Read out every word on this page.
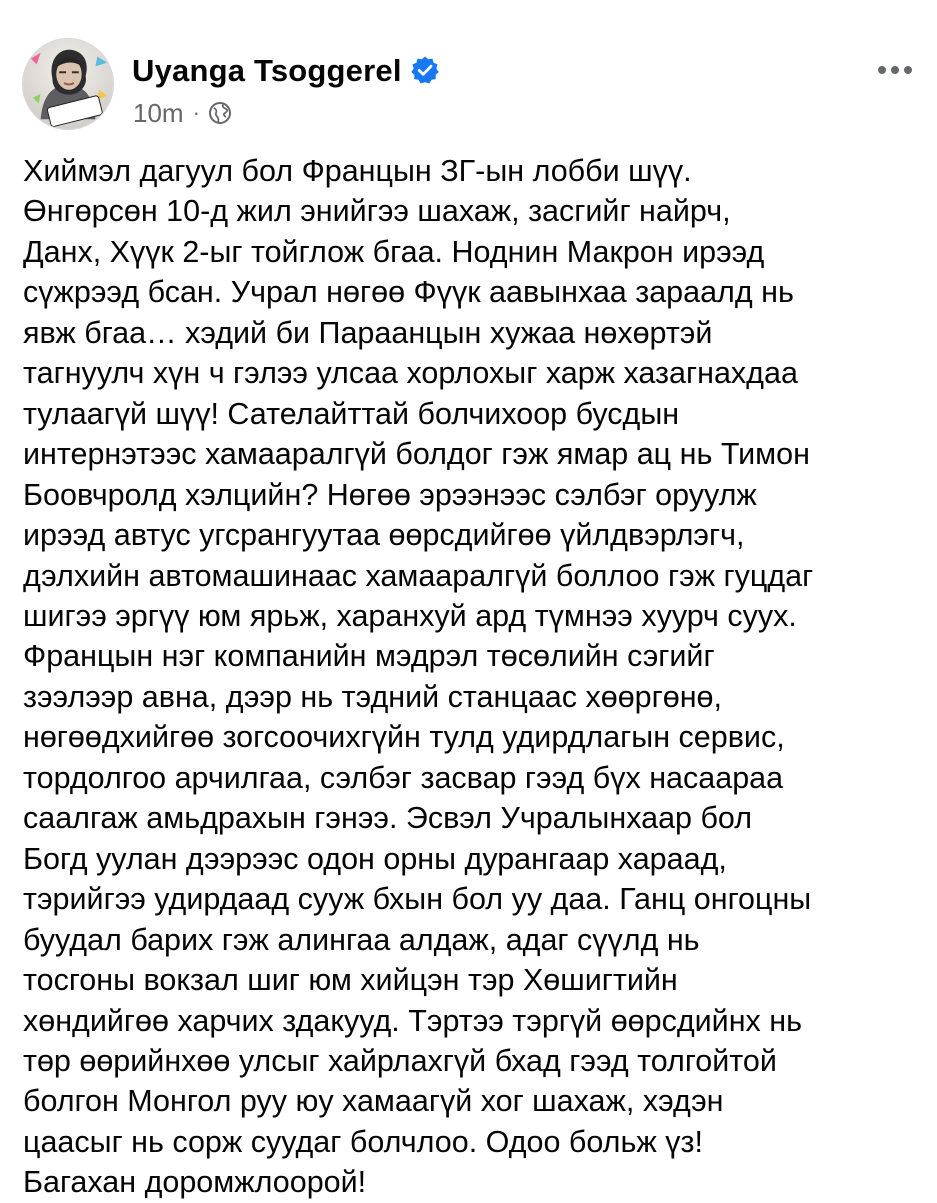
Uyanga Tsoggerel
10m ·

Хиймэл дагуул бол Францын ЗГ-ын лобби шүү.
Өнгөрсөн 10-д жил энийгээ шахаж, засгийг найрч,
Данх, Хүүк 2-ыг тойглож бгаа. Ноднин Макрон ирээд
сүжрээд бсан. Учрал нөгөө Фүүк аавынхаа зараалд нь
явж бгаа… хэдий би Параанцын хужаа нөхөртэй
тагнуулч хүн ч гэлээ улсаа хорлохыг харж хазагнахдаа
тулаагүй шүү! Сателайттай болчихоор бусдын
интернэтээс хамааралгүй болдог гэж ямар ац нь Тимон
Боовчролд хэлцийн? Нөгөө эрээнээс сэлбэг оруулж
ирээд автус угсрангуутаа өөрсдийгөө үйлдвэрлэгч,
дэлхийн автомашинаас хамааралгүй боллоо гэж гуцдаг
шигээ эргүү юм ярьж, харанхуй ард түмнээ хуурч суух.
Францын нэг компанийн мэдрэл төсөлийн сэгийг
зээлээр авна, дээр нь тэдний станцаас хөөргөнө,
нөгөөдхийгөө зогсоочихгүйн тулд удирдлагын сервис,
тордолгоо арчилгаа, сэлбэг засвар гээд бүх насаараа
саалгаж амьдрахын гэнээ. Эсвэл Учралынхаар бол
Богд уулан дээрээс одон орны дурангаар хараад,
тэрийгээ удирдаад сууж бхын бол уу даа. Ганц онгоцны
буудал барих гэж алингаа алдаж, адаг сүүлд нь
тосгоны вокзал шиг юм хийцэн тэр Хөшигтийн
хөндийгөө харчих здакууд. Тэртээ тэргүй өөрсдийнх нь
төр өөрийнхөө улсыг хайрлахгүй бхад гээд толгойтой
болгон Монгол руу юу хамаагүй хог шахаж, хэдэн
цаасыг нь сорж суудаг болчлоо. Одоо больж үз!
Багахан доромжлоорой!
